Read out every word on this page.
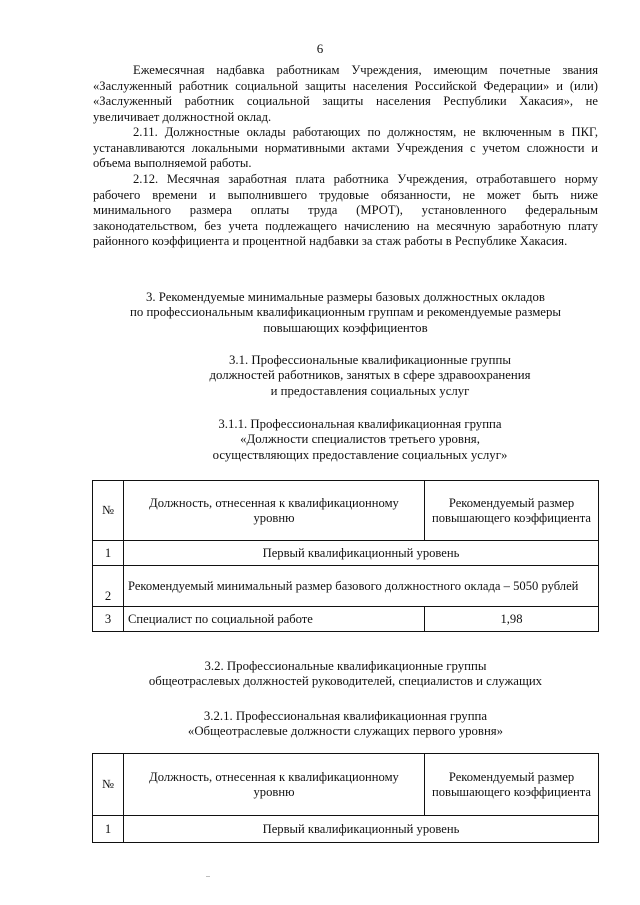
6

Ежемесячная надбавка работникам Учреждения, имеющим почетные звания «Заслуженный работник социальной защиты населения Российской Федерации» и (или) «Заслуженный работник социальной защиты населения Республики Хакасия», не увеличивает должностной оклад.

2.11. Должностные оклады работающих по должностям, не включенным в ПКГ, устанавливаются локальными нормативными актами Учреждения с учетом сложности и объема выполняемой работы.

2.12. Месячная заработная плата работника Учреждения, отработавшего норму рабочего времени и выполнившего трудовые обязанности, не может быть ниже минимального размера оплаты труда (МРОТ), установленного федеральным законодательством, без учета подлежащего начислению на месячную заработную плату районного коэффициента и процентной надбавки за стаж работы в Республике Хакасия.

3. Рекомендуемые минимальные размеры базовых должностных окладов
по профессиональным квалификационным группам и рекомендуемые размеры
повышающих коэффициентов
3.1. Профессиональные квалификационные группы
должностей работников, занятых в сфере здравоохранения
и предоставления социальных услуг
3.1.1. Профессиональная квалификационная группа
«Должности специалистов третьего уровня,
осуществляющих предоставление социальных услуг»
№	Должность, отнесенная к квалификационному уровню	Рекомендуемый размер повышающего коэффициента
1	Первый квалификационный уровень	
2	Рекомендуемый минимальный размер базового должностного оклада – 5050 рублей	
3	Специалист по социальной работе	1,98
3.2. Профессиональные квалификационные группы
общеотраслевых должностей руководителей, специалистов и служащих
3.2.1. Профессиональная квалификационная группа
«Общеотраслевые должности служащих первого уровня»
№	Должность, отнесенная к квалификационному уровню	Рекомендуемый размер повышающего коэффициента
1	Первый квалификационный уровень	
